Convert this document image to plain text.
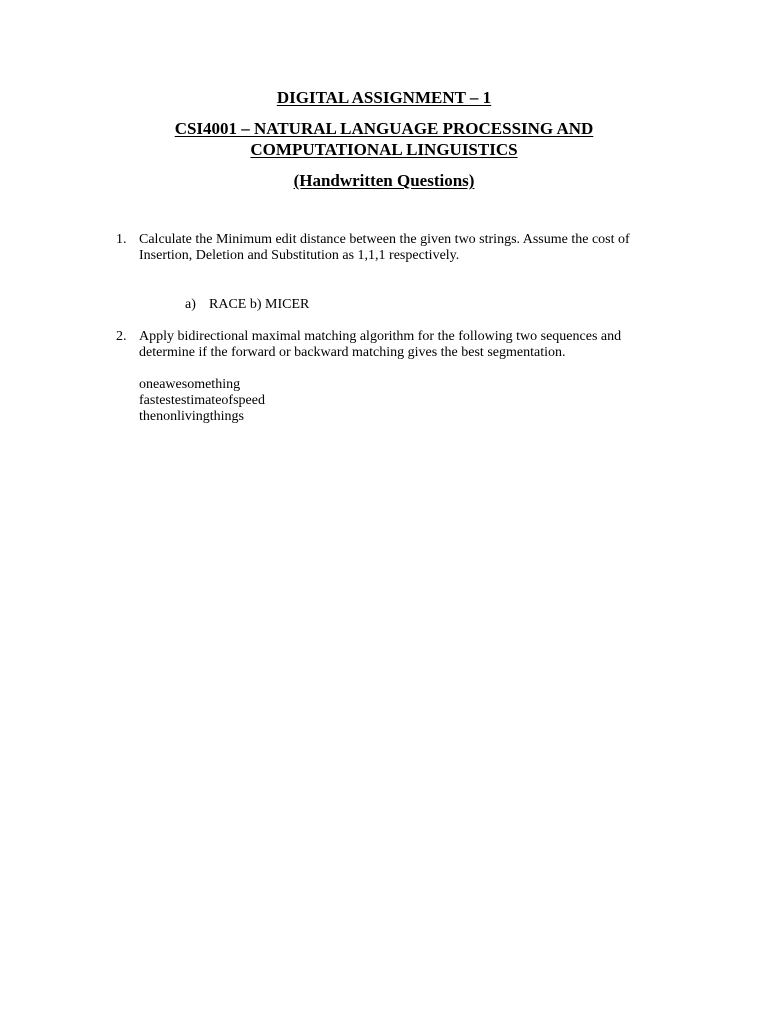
DIGITAL ASSIGNMENT – 1
CSI4001 – NATURAL LANGUAGE PROCESSING AND
COMPUTATIONAL LINGUISTICS
(Handwritten Questions)
1. Calculate the Minimum edit distance between the given two strings. Assume the cost of Insertion, Deletion and Substitution as 1,1,1 respectively.
a) RACE b) MICER
2. Apply bidirectional maximal matching algorithm for the following two sequences and determine if the forward or backward matching gives the best segmentation.
oneawesomething
fastestestimateofspeed
thenonlivingthings
